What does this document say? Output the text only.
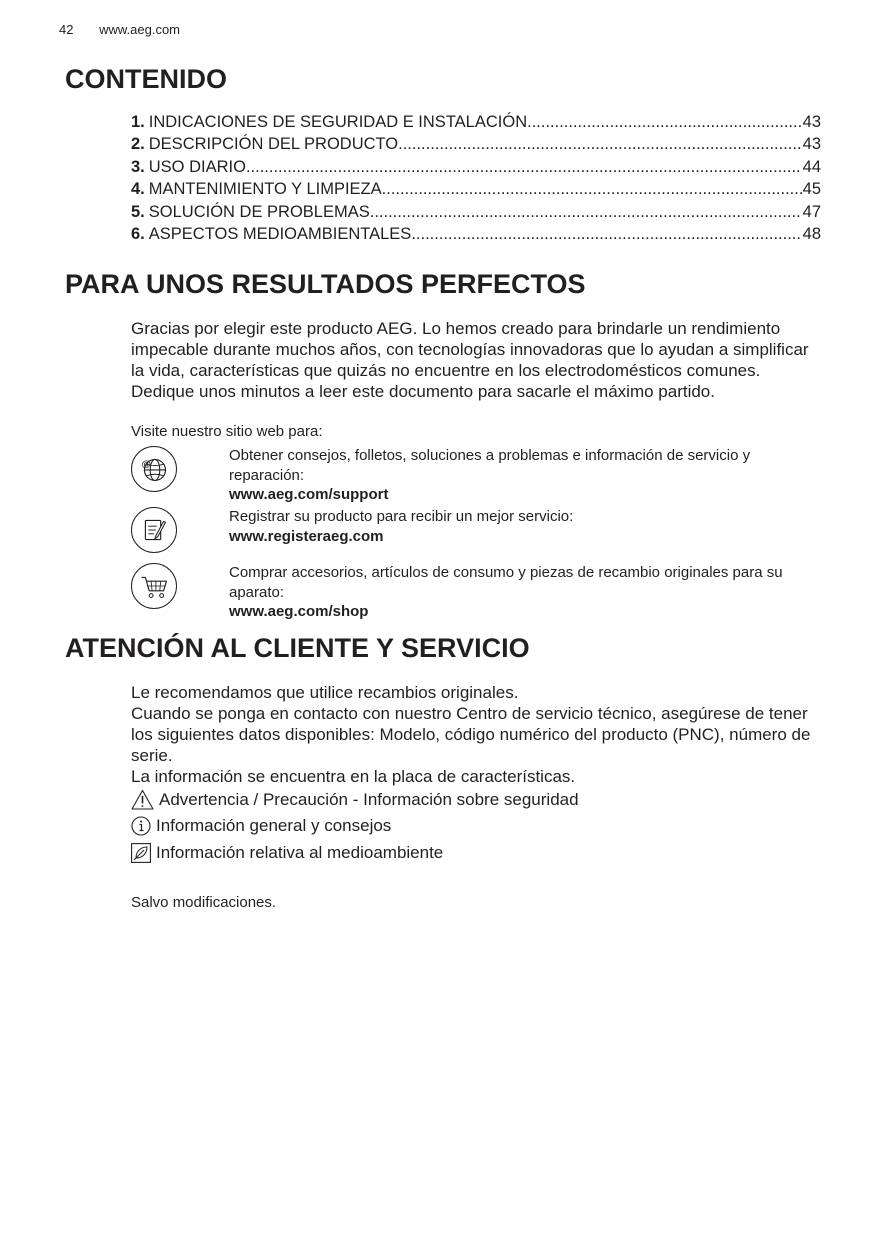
42 www.aeg.com
CONTENIDO
1. INDICACIONES DE SEGURIDAD E INSTALACIÓN .....	43
2. DESCRIPCIÓN DEL PRODUCTO .....	43
3. USO DIARIO .....	44
4. MANTENIMIENTO Y LIMPIEZA .....	45
5. SOLUCIÓN DE PROBLEMAS .....	47
6. ASPECTOS MEDIOAMBIENTALES .....	48
PARA UNOS RESULTADOS PERFECTOS

Gracias por elegir este producto AEG. Lo hemos creado para brindarle un rendimiento impecable durante muchos años, con tecnologías innovadoras que lo ayudan a simplificar la vida, características que quizás no encuentre en los electrodomésticos comunes. Dedique unos minutos a leer este documento para sacarle el máximo partido.

Visite nuestro sitio web para:

@
Obtener consejos, folletos, soluciones a problemas e información de servicio y reparación:
www.aeg.com/support
Registrar su producto para recibir un mejor servicio:
www.registeraeg.com
Comprar accesorios, artículos de consumo y piezas de recambio originales para su aparato:
www.aeg.com/shop
ATENCIÓN AL CLIENTE Y SERVICIO
Le recomendamos que utilice recambios originales.
Cuando se ponga en contacto con nuestro Centro de servicio técnico, asegúrese de tener los siguientes datos disponibles: Modelo, código numérico del producto (PNC), número de serie.
La información se encuentra en la placa de características.
Advertencia / Precaución - Información sobre seguridad
Información general y consejos
Información relativa al medioambiente
Salvo modificaciones.
